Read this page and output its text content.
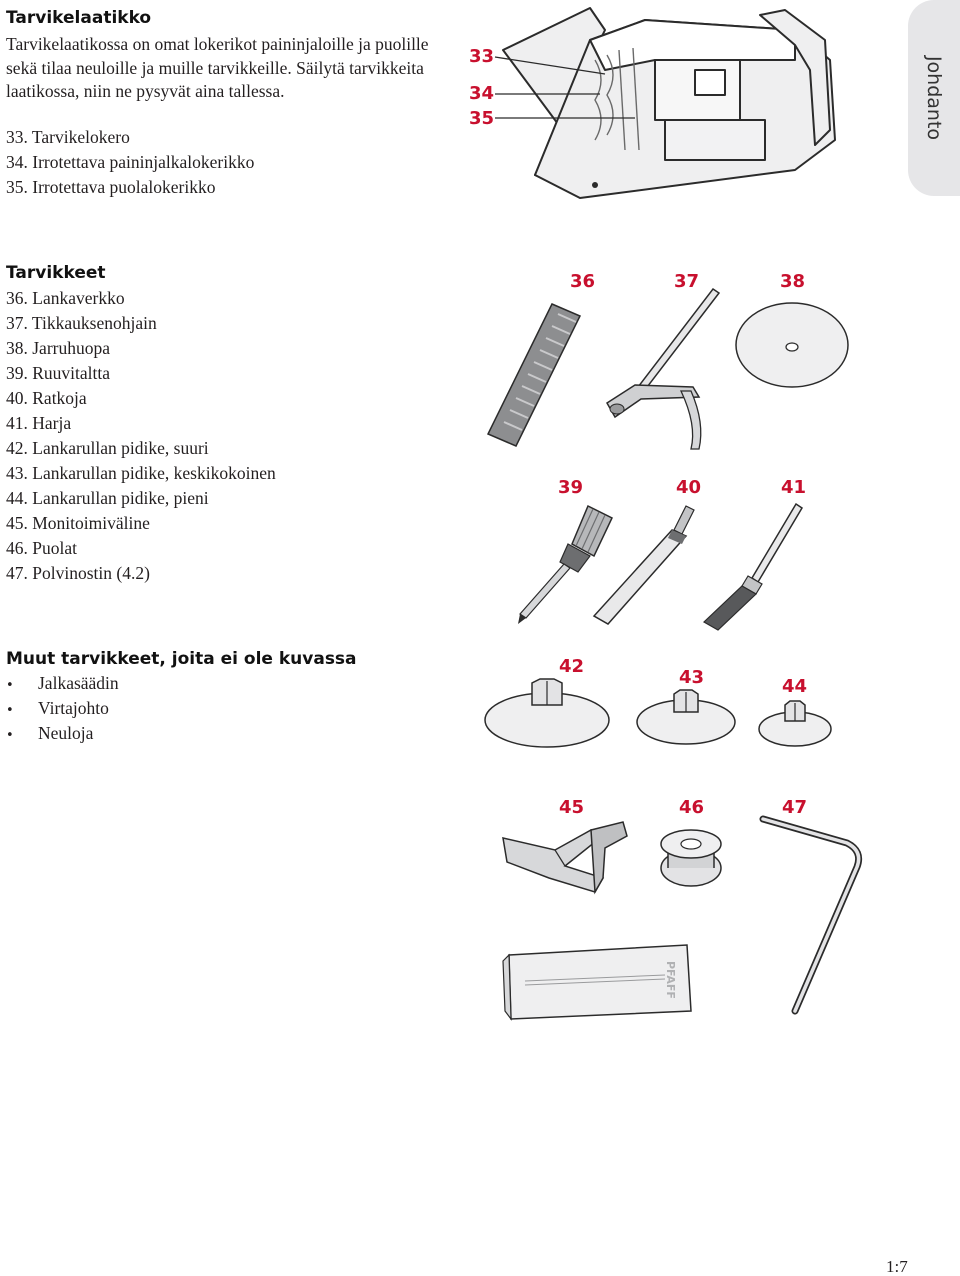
Johdanto
Tarvikelaatikko

Tarvikelaatikossa on omat lokerikot paininjaloille ja puolille sekä tilaa neuloille ja muille tarvikkeille. Säilytä tarvikkeita laatikossa, niin ne pysyvät aina tallessa.

33. Tarvikelokero
34. Irrotettava paininjalkalokerikko
35. Irrotettava puolalokerikko
33
34
35
Tarvikkeet
36. Lankaverkko
37. Tikkauksenohjain
38. Jarruhuopa
39. Ruuvitaltta
40. Ratkoja
41. Harja
42. Lankarullan pidike, suuri
43. Lankarullan pidike, keskikokoinen
44. Lankarullan pidike, pieni
45. Monitoimiväline
46. Puolat
47. Polvinostin (4.2)
36	37	38
39	40	41
Muut tarvikkeet, joita ei ole kuvassa
• Jalkasäädin
• Virtajohto
• Neuloja
42
43	44
45	46	47
PFAFF
1:7
